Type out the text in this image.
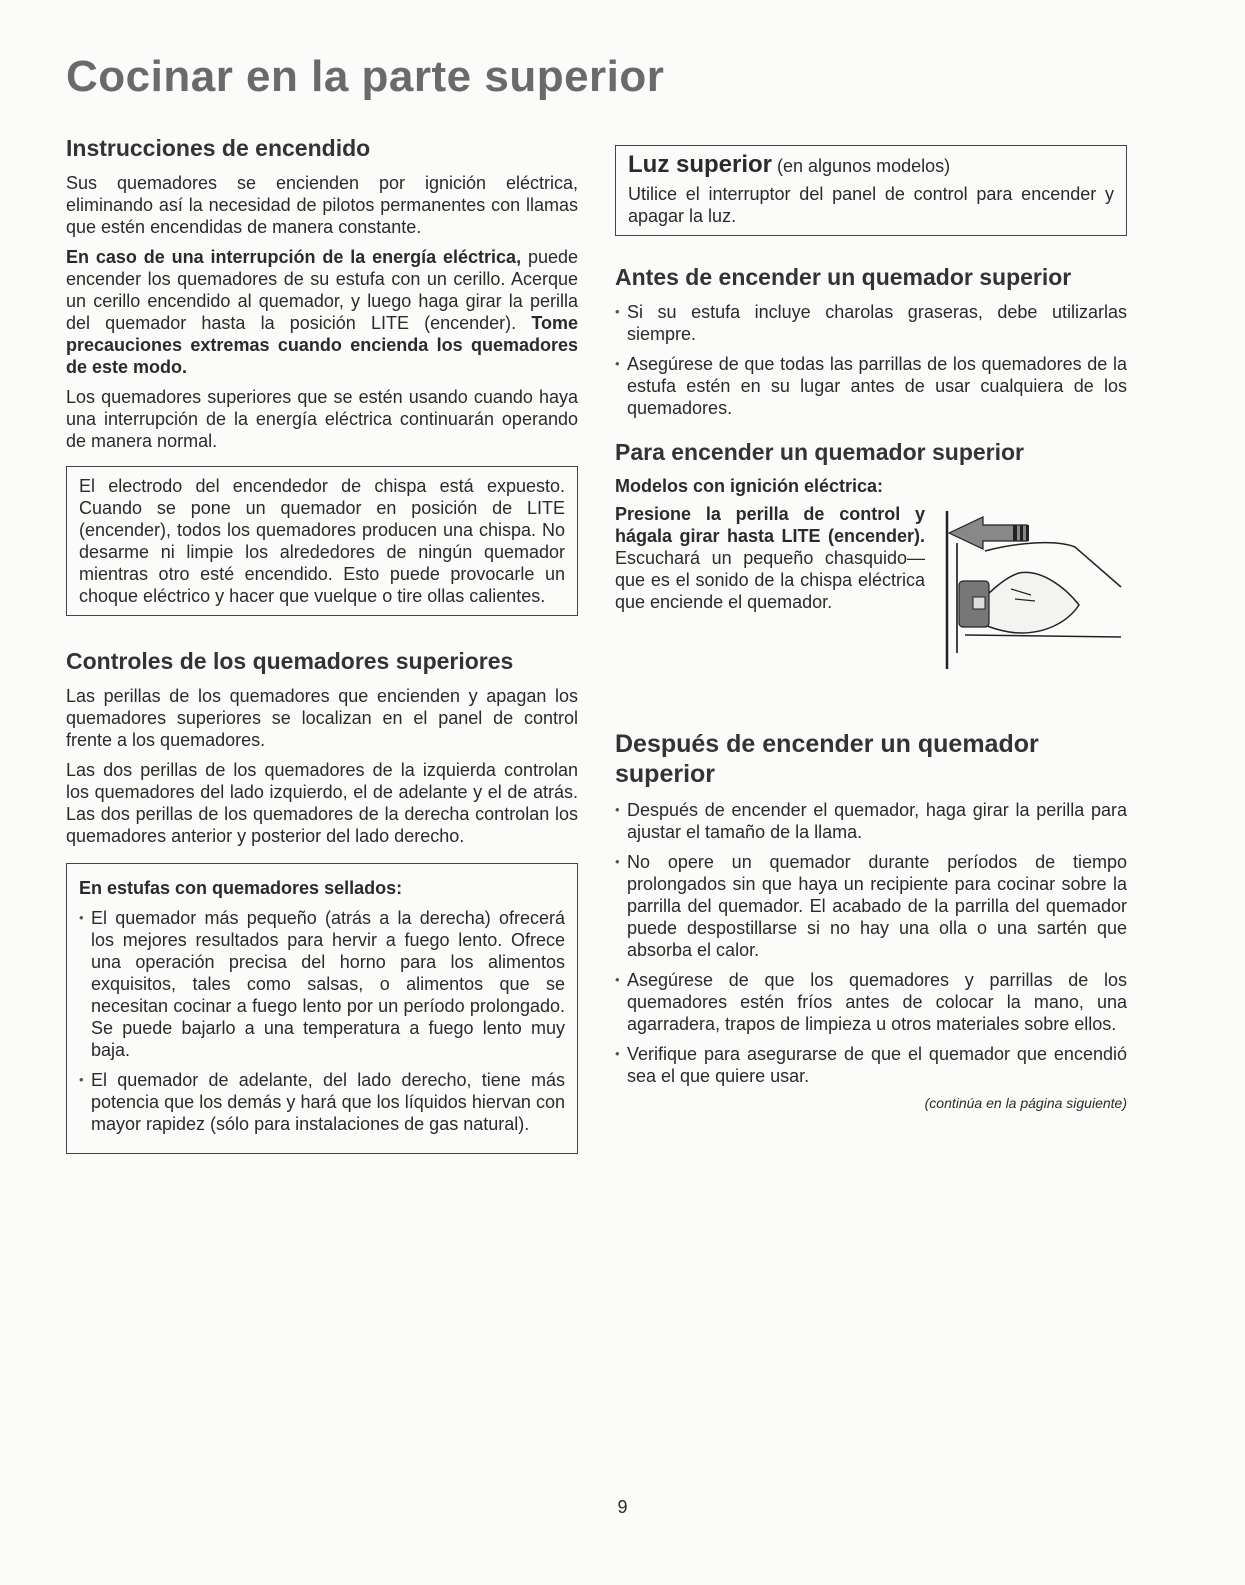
Cocinar en la parte superior
Instrucciones de encendido

Sus quemadores se encienden por ignición eléctrica, eliminando así la necesidad de pilotos permanentes con llamas que estén encendidas de manera constante.

En caso de una interrupción de la energía eléctrica, puede encender los quemadores de su estufa con un cerillo. Acerque un cerillo encendido al quemador, y luego haga girar la perilla del quemador hasta la posición LITE (encender). Tome precauciones extremas cuando encienda los quemadores de este modo.

Los quemadores superiores que se estén usando cuando haya una interrupción de la energía eléctrica continuarán operando de manera normal.

El electrodo del encendedor de chispa está expuesto. Cuando se pone un quemador en posición de LITE (encender), todos los quemadores producen una chispa. No desarme ni limpie los alrededores de ningún quemador mientras otro esté encendido. Esto puede provocarle un choque eléctrico y hacer que vuelque o tire ollas calientes.

Controles de los quemadores superiores

Las perillas de los quemadores que encienden y apagan los quemadores superiores se localizan en el panel de control frente a los quemadores.

Las dos perillas de los quemadores de la izquierda controlan los quemadores del lado izquierdo, el de adelante y el de atrás. Las dos perillas de los quemadores de la derecha controlan los quemadores anterior y posterior del lado derecho.

En estufas con quemadores sellados:
• El quemador más pequeño (atrás a la derecha) ofrecerá los mejores resultados para hervir a fuego lento. Ofrece una operación precisa del horno para los alimentos exquisitos, tales como salsas, o alimentos que se necesitan cocinar a fuego lento por un período prolongado. Se puede bajarlo a una temperatura a fuego lento muy baja.
• El quemador de adelante, del lado derecho, tiene más potencia que los demás y hará que los líquidos hiervan con mayor rapidez (sólo para instalaciones de gas natural).

Luz superior (en algunos modelos)

Utilice el interruptor del panel de control para encender y apagar la luz.

Antes de encender un quemador superior
• Si su estufa incluye charolas graseras, debe utilizarlas siempre.
• Asegúrese de que todas las parrillas de los quemadores de la estufa estén en su lugar antes de usar cualquiera de los quemadores.
Para encender un quemador superior
Modelos con ignición eléctrica:

Presione la perilla de control y hágala girar hasta LITE (encender). Escuchará un pequeño chasquido—que es el sonido de la chispa eléctrica que enciende el quemador.

Después de encender un quemador superior
• Después de encender el quemador, haga girar la perilla para ajustar el tamaño de la llama.
• No opere un quemador durante períodos de tiempo prolongados sin que haya un recipiente para cocinar sobre la parrilla del quemador. El acabado de la parrilla del quemador puede despostillarse si no hay una olla o una sartén que absorba el calor.
• Asegúrese de que los quemadores y parrillas de los quemadores estén fríos antes de colocar la mano, una agarradera, trapos de limpieza u otros materiales sobre ellos.
• Verifique para asegurarse de que el quemador que encendió sea el que quiere usar.
(continúa en la página siguiente)
9
